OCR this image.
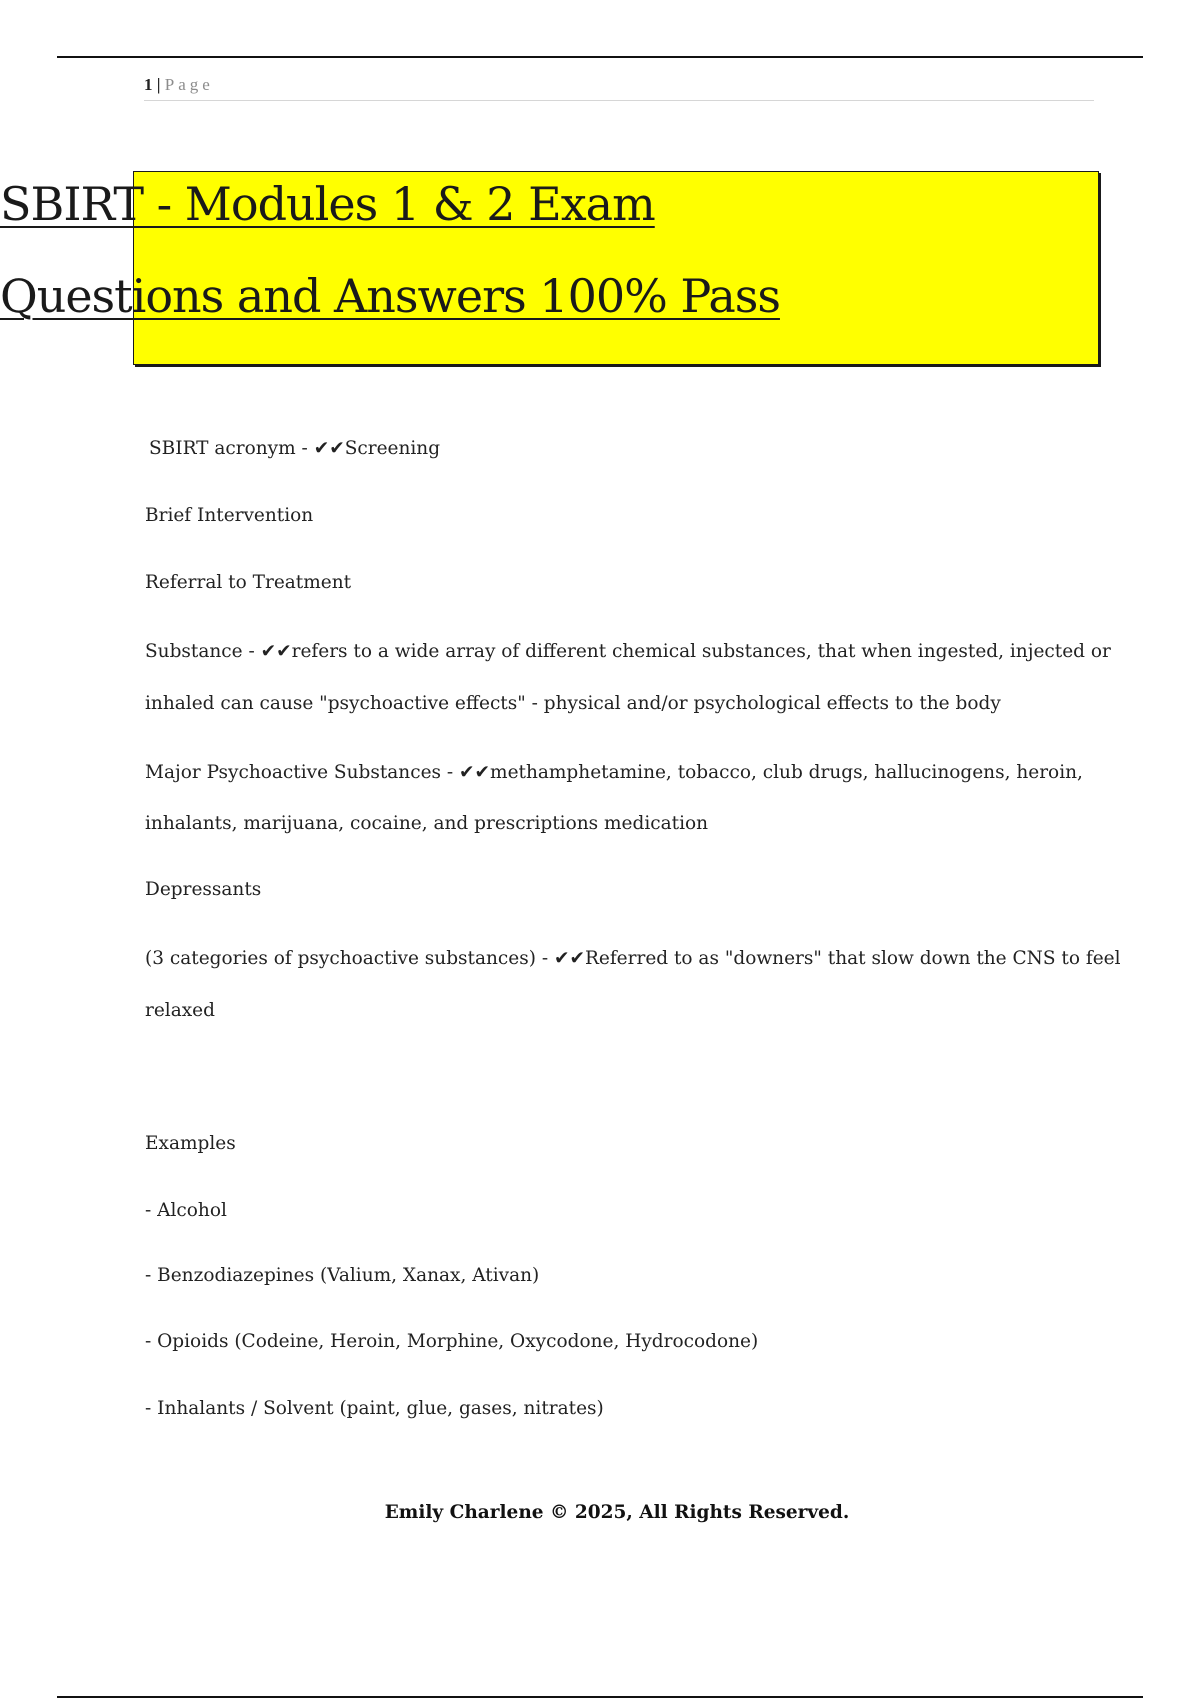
1 | Page
SBIRT - Modules 1 & 2 Exam
Questions and Answers 100% Pass
SBIRT acronym - ✔✔Screening
Brief Intervention
Referral to Treatment
Substance - ✔✔refers to a wide array of different chemical substances, that when ingested, injected or
inhaled can cause "psychoactive effects" - physical and/or psychological effects to the body
Major Psychoactive Substances - ✔✔methamphetamine, tobacco, club drugs, hallucinogens, heroin,
inhalants, marijuana, cocaine, and prescriptions medication
Depressants
(3 categories of psychoactive substances) - ✔✔Referred to as "downers" that slow down the CNS to feel
relaxed
Examples
- Alcohol
- Benzodiazepines (Valium, Xanax, Ativan)
- Opioids (Codeine, Heroin, Morphine, Oxycodone, Hydrocodone)
- Inhalants / Solvent (paint, glue, gases, nitrates)
Emily Charlene © 2025, All Rights Reserved.
